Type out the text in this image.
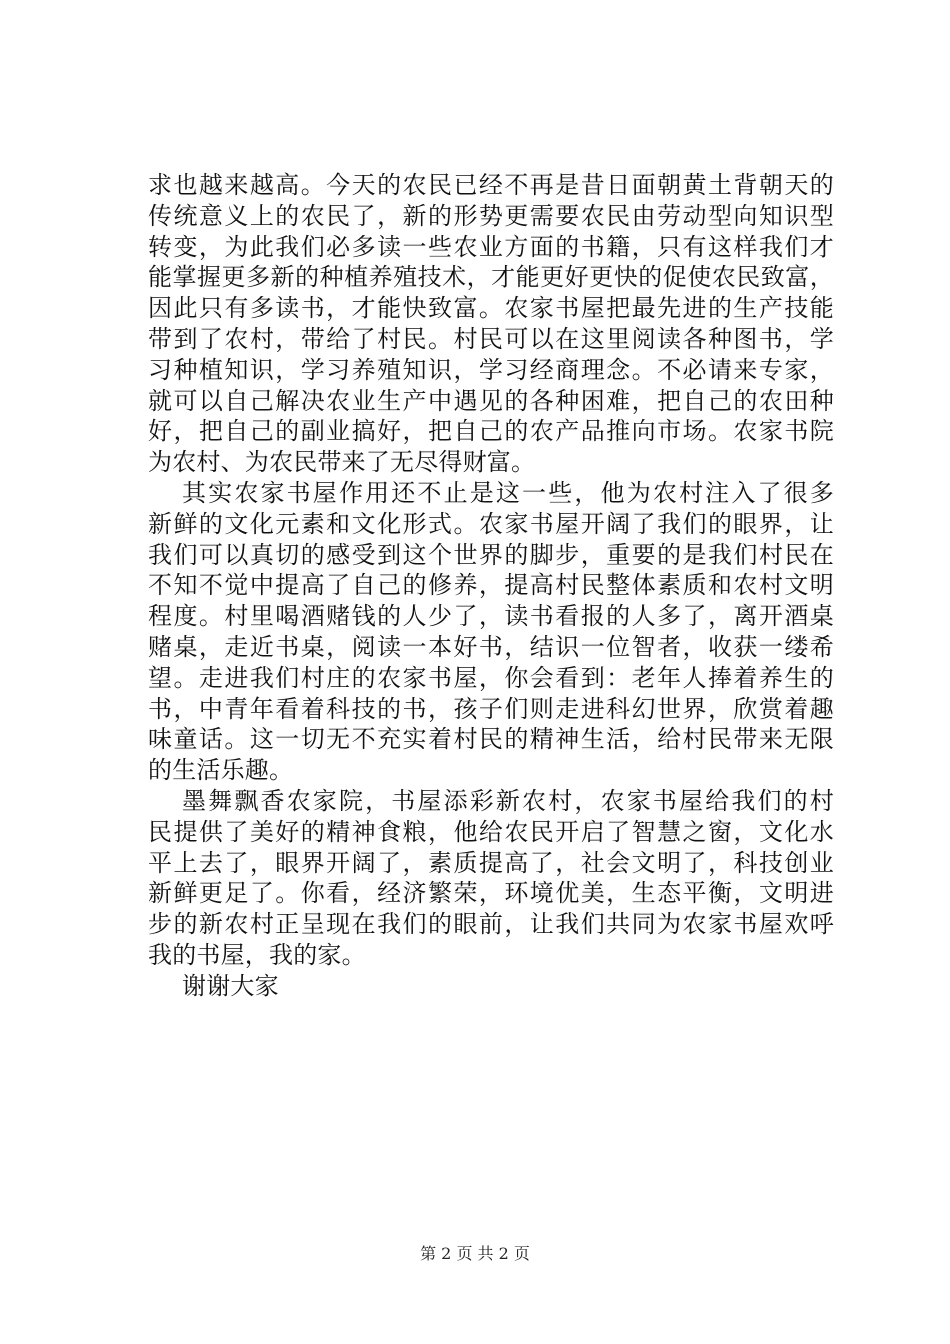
求也越来越高。今天的农民已经不再是昔日面朝黄土背朝天的
传统意义上的农民了，新的形势更需要农民由劳动型向知识型
转变，为此我们必多读一些农业方面的书籍，只有这样我们才
能掌握更多新的种植养殖技术，才能更好更快的促使农民致富，
因此只有多读书，才能快致富。农家书屋把最先进的生产技能
带到了农村，带给了村民。村民可以在这里阅读各种图书，学
习种植知识，学习养殖知识，学习经商理念。不必请来专家，
就可以自己解决农业生产中遇见的各种困难，把自己的农田种
好，把自己的副业搞好，把自己的农产品推向市场。农家书院
为农村、为农民带来了无尽得财富。
其实农家书屋作用还不止是这一些，他为农村注入了很多
新鲜的文化元素和文化形式。农家书屋开阔了我们的眼界，让
我们可以真切的感受到这个世界的脚步，重要的是我们村民在
不知不觉中提高了自己的修养，提高村民整体素质和农村文明
程度。村里喝酒赌钱的人少了，读书看报的人多了，离开酒桌
赌桌，走近书桌，阅读一本好书，结识一位智者，收获一缕希
望。走进我们村庄的农家书屋，你会看到：老年人捧着养生的
书，中青年看着科技的书，孩子们则走进科幻世界，欣赏着趣
味童话。这一切无不充实着村民的精神生活，给村民带来无限
的生活乐趣。
墨舞飘香农家院，书屋添彩新农村，农家书屋给我们的村
民提供了美好的精神食粮，他给农民开启了智慧之窗，文化水
平上去了，眼界开阔了，素质提高了，社会文明了，科技创业
新鲜更足了。你看，经济繁荣，环境优美，生态平衡，文明进
步的新农村正呈现在我们的眼前，让我们共同为农家书屋欢呼
我的书屋，我的家。
谢谢大家
第 2 页 共 2 页
